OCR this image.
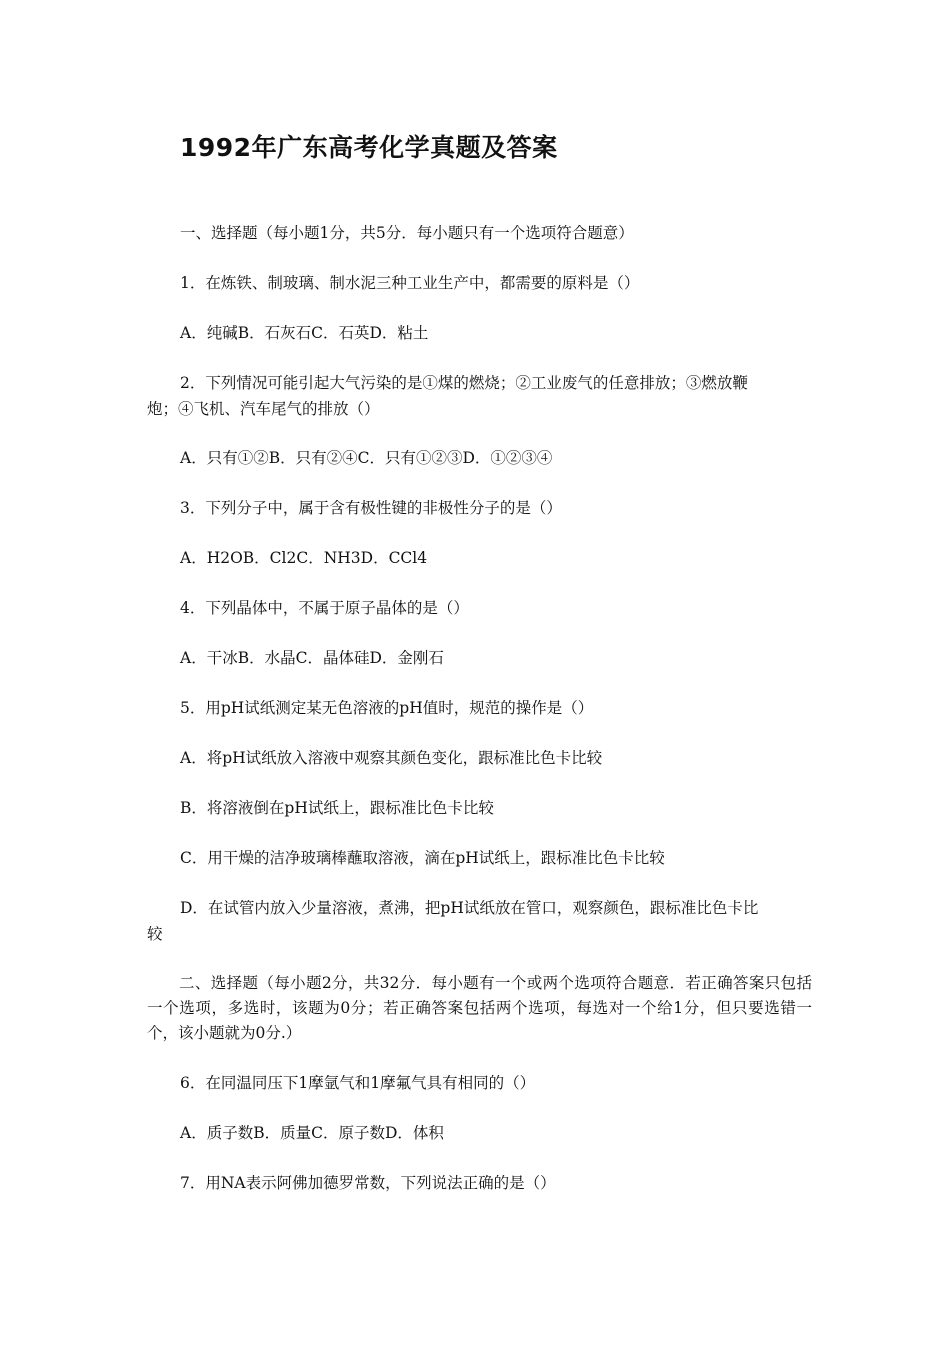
1992年广东高考化学真题及答案
一、选择题（每小题1分，共5分．每小题只有一个选项符合题意）
1．在炼铁、制玻璃、制水泥三种工业生产中，都需要的原料是（）
A．纯碱B．石灰石C．石英D．粘土
2．下列情况可能引起大气污染的是①煤的燃烧；②工业废气的任意排放；③燃放鞭
炮；④飞机、汽车尾气的排放（）
A．只有①②B．只有②④C．只有①②③D．①②③④
3．下列分子中，属于含有极性键的非极性分子的是（）
A．H2OB．Cl2C．NH3D．CCl4
4．下列晶体中，不属于原子晶体的是（）
A．干冰B．水晶C．晶体硅D．金刚石
5．用pH试纸测定某无色溶液的pH值时，规范的操作是（）
A．将pH试纸放入溶液中观察其颜色变化，跟标准比色卡比较
B．将溶液倒在pH试纸上，跟标准比色卡比较
C．用干燥的洁净玻璃棒蘸取溶液，滴在pH试纸上，跟标准比色卡比较
D．在试管内放入少量溶液，煮沸，把pH试纸放在管口，观察颜色，跟标准比色卡比
较
二、选择题（每小题2分，共32分．每小题有一个或两个选项符合题意．若正确答案只包括一个选项，多选时，该题为0分；若正确答案包括两个选项，每选对一个给1分，但只要选错一个，该小题就为0分.）
6．在同温同压下1摩氩气和1摩氟气具有相同的（）
A．质子数B．质量C．原子数D．体积
7．用NA表示阿佛加德罗常数，下列说法正确的是（）
